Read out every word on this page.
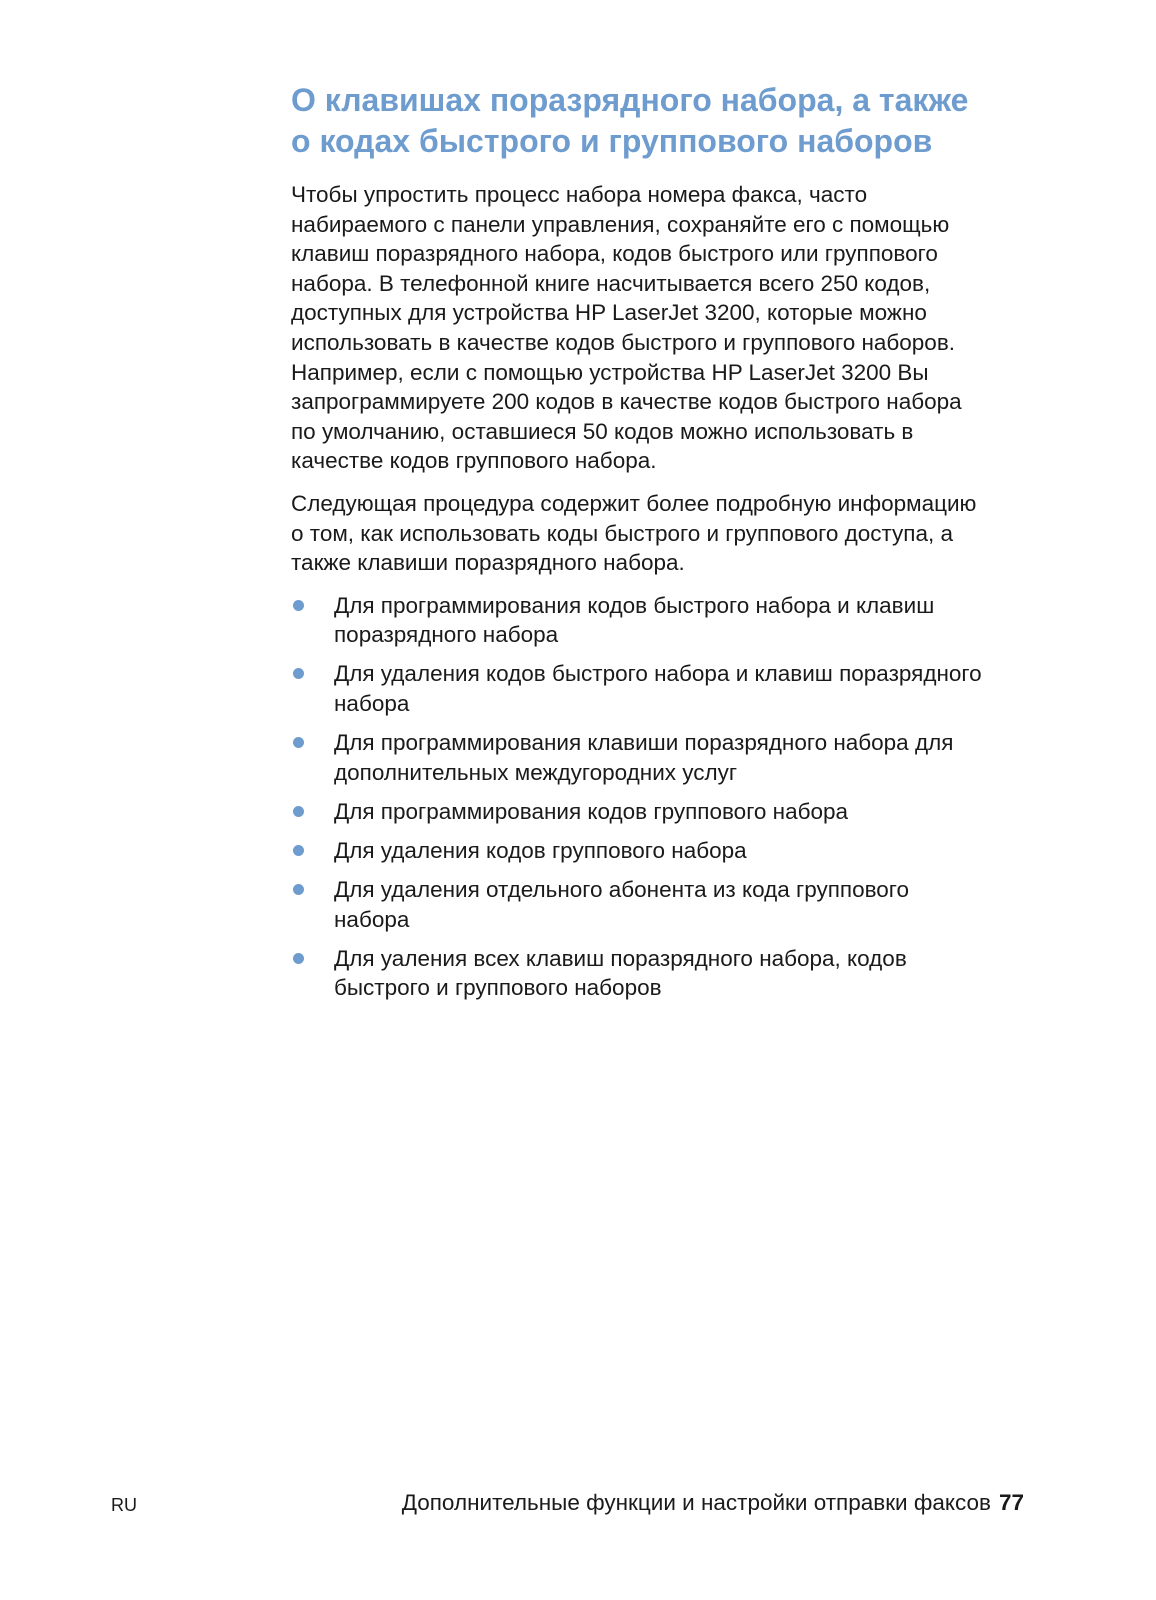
О клавишах поразрядного набора, а также
о кодах быстрого и группового наборов

Чтобы упростить процесс набора номера факса, часто
набираемого с панели управления, сохраняйте его с помощью
клавиш поразрядного набора, кодов быстрого или группового
набора. В телефонной книге насчитывается всего 250 кодов,
доступных для устройства HP LaserJet 3200, которые можно
использовать в качестве кодов быстрого и группового наборов.
Например, если с помощью устройства HP LaserJet 3200 Вы
запрограммируете 200 кодов в качестве кодов быстрого набора
по умолчанию, оставшиеся 50 кодов можно использовать в
качестве кодов группового набора.

Следующая процедура содержит более подробную информацию
о том, как использовать коды быстрого и группового доступа, а
также клавиши поразрядного набора.

Для программирования кодов быстрого набора и клавиш
поразрядного набора
Для удаления кодов быстрого набора и клавиш поразрядного
набора
Для программирования клавиши поразрядного набора для
дополнительных междугородних услуг
Для программирования кодов группового набора
Для удаления кодов группового набора
Для удаления отдельного абонента из кода группового
набора
Для уаления всех клавиш поразрядного набора, кодов
быстрого и группового наборов
RU	Дополнительные функции и настройки отправки факсов 77
